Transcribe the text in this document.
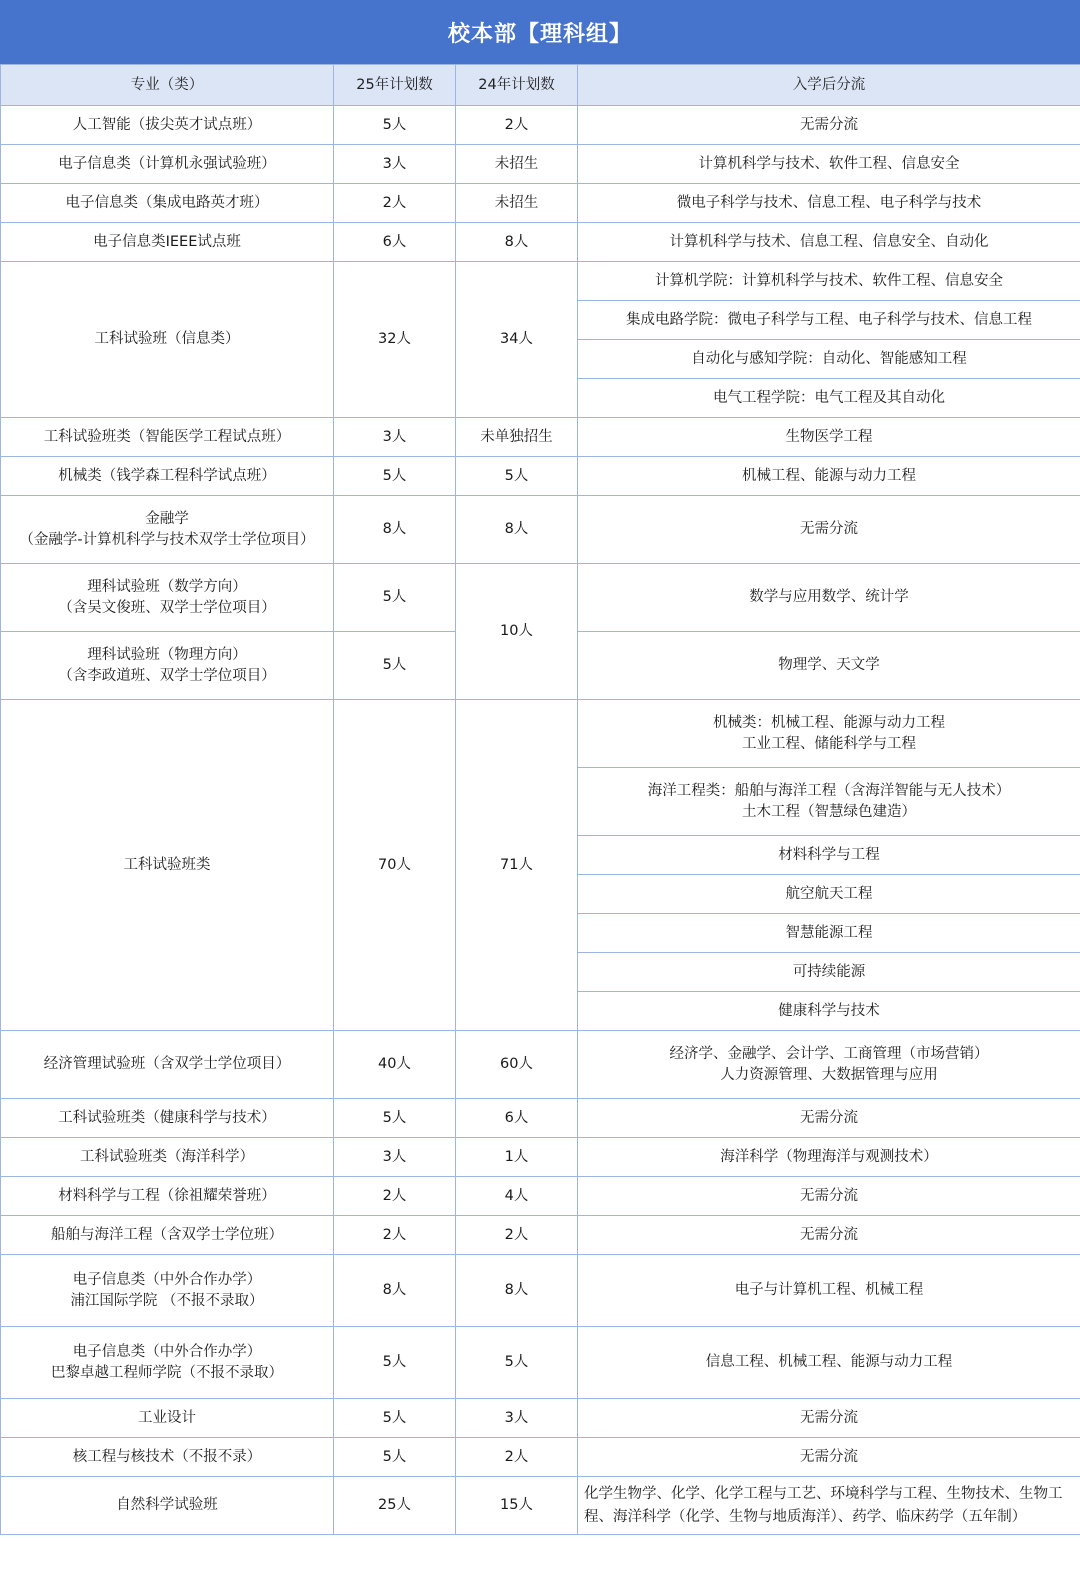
校本部【理科组】
专业（类）	25年计划数	24年计划数	入学后分流
人工智能（拔尖英才试点班）	5人	2人	无需分流
电子信息类（计算机永强试验班）	3人	未招生	计算机科学与技术、软件工程、信息安全
电子信息类（集成电路英才班）	2人	未招生	微电子科学与技术、信息工程、电子科学与技术
电子信息类IEEE试点班	6人	8人	计算机科学与技术、信息工程、信息安全、自动化
工科试验班（信息类）	32人	34人	计算机学院：计算机科学与技术、软件工程、信息安全
			集成电路学院：微电子科学与工程、电子科学与技术、信息工程
			自动化与感知学院：自动化、智能感知工程
			电气工程学院：电气工程及其自动化
工科试验班类（智能医学工程试点班）	3人	未单独招生	生物医学工程
机械类（钱学森工程科学试点班）	5人	5人	机械工程、能源与动力工程

金融学
（金融学-计算机科学与技术双学士学位项目）	8人	8人	无需分流

理科试验班（数学方向）
（含吴文俊班、双学士学位项目）	5人	10人	数学与应用数学、统计学

理科试验班（物理方向）
（含李政道班、双学士学位项目）	5人		物理学、天文学
工科试验班类	70人	71人	机械类：机械工程、能源与动力工程
工业工程、储能科学与工程

			海洋工程类：船舶与海洋工程（含海洋智能与无人技术）
土木工程（智慧绿色建造）

			材料科学与工程
			航空航天工程
			智慧能源工程
			可持续能源
			健康科学与技术
经济管理试验班（含双学士学位项目）	40人	60人	经济学、金融学、会计学、工商管理（市场营销）
人力资源管理、大数据管理与应用

工科试验班类（健康科学与技术）	5人	6人	无需分流
工科试验班类（海洋科学）	3人	1人	海洋科学（物理海洋与观测技术）
材料科学与工程（徐祖耀荣誉班）	2人	4人	无需分流
船舶与海洋工程（含双学士学位班）	2人	2人	无需分流

电子信息类（中外合作办学）
浦江国际学院 （不报不录取）	8人	8人	电子与计算机工程、机械工程

电子信息类（中外合作办学）
巴黎卓越工程师学院（不报不录取）	5人	5人	信息工程、机械工程、能源与动力工程
工业设计	5人	3人	无需分流
核工程与核技术（不报不录）	5人	2人	无需分流
自然科学试验班	25人	15人	化学生物学、化学、化学工程与工艺、环境科学与工程、生物技术、生物工程、海洋科学（化学、生物与地质海洋）、药学、临床药学（五年制）
